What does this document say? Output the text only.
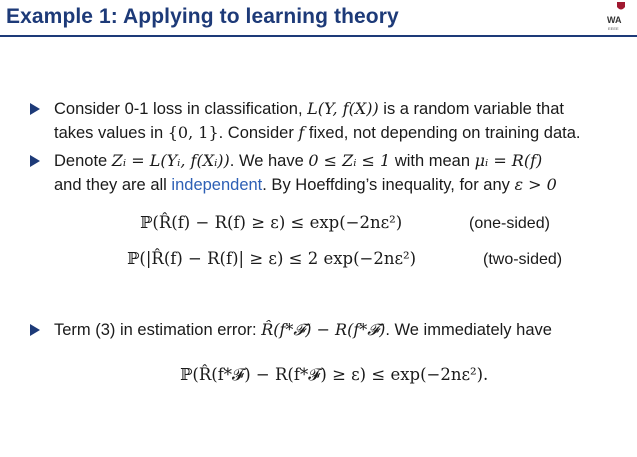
Example 1: Applying to learning theory	WA
ΕΕΕΕ
Consider 0-1 loss in classification, L(Y, f(X)) is a random variable that
takes values in {0, 1}. Consider f fixed, not depending on training data.
Denote Zᵢ = L(Yᵢ, f(Xᵢ)). We have 0 ≤ Zᵢ ≤ 1 with mean μᵢ = R(f)
and they are all independent. By Hoeffding’s inequality, for any ε > 0
ℙ(R̂(f) − R(f) ≥ ε) ≤ exp(−2nε²)	(one-sided)
ℙ(|R̂(f) − R(f)| ≥ ε) ≤ 2 exp(−2nε²)	(two-sided)
Term (3) in estimation error: R̂(f*𝓕) − R(f*𝓕). We immediately have
ℙ(R̂(f*𝓕) − R(f*𝓕) ≥ ε) ≤ exp(−2nε²).
